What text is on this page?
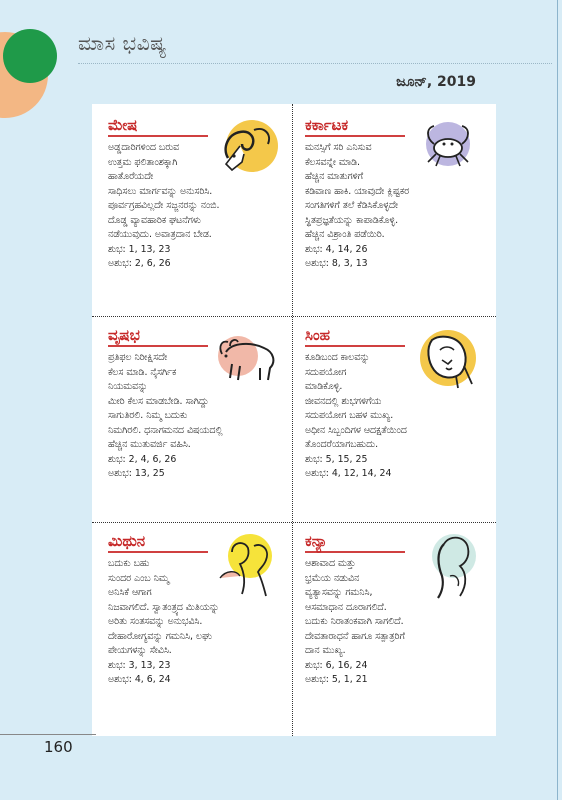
ಮಾಸ ಭವಿಷ್ಯ
ಜೂನ್, 2019
ಮೇಷ

ಅಡ್ಡದಾರಿಗಳಿಂದ ಬರುವ

ಉತ್ತಮ ಫಲಿತಾಂಶಕ್ಕಾಗಿ

ಹಾತೊರೆಯದೇ

ಸಾಧಿಸಲು ಮಾರ್ಗವನ್ನು ಅನುಸರಿಸಿ.

ಪೂರ್ವಗ್ರಹವಿಲ್ಲದೇ ಸಜ್ಜನರನ್ನು ನಂಬಿ.

ದೊಡ್ಡ ವ್ಯಾವಹಾರಿಕ ಘಟನೆಗಳು

ನಡೆಯುವುದು. ಅವಾತ್ರದಾನ ಬೇಡ.

ಶುಭ: 1, 13, 23
ಅಶುಭ: 2, 6, 26
ಕರ್ಕಾಟಕ

ಮನಸ್ಸಿಗೆ ಸರಿ ಎನಿಸುವ

ಕೆಲಸವನ್ನೇ ಮಾಡಿ.

ಹೆಚ್ಚಿನ ಮಾತುಗಳಿಗೆ

ಕಡಿವಾಣ ಹಾಕಿ. ಯಾವುದೇ ಕ್ಲಿಷ್ಟಕರ

ಸಂಗತಿಗಳಿಗೆ ತಲೆ ಕೆಡಿಸಿಕೊಳ್ಳದೇ

ಸ್ಥಿತಪ್ರಜ್ಞತೆಯನ್ನು ಕಾಪಾಡಿಕೊಳ್ಳಿ.

ಹೆಚ್ಚಿನ ವಿಶ್ರಾಂತಿ ಪಡೆಯಿರಿ.

ಶುಭ: 4, 14, 26
ಅಶುಭ: 8, 3, 13
ವೃಷಭ

ಪ್ರತಿಫಲ ನಿರೀಕ್ಷಿಸದೇ

ಕೆಲಸ ಮಾಡಿ. ನೈಸರ್ಗಿಕ

ನಿಯಮವನ್ನು

ಮೀರಿ ಕೆಲಸ ಮಾಡಬೇಡಿ. ಸಾಗಿದ್ದು

ಸಾಗುತಿರಲಿ. ನಿಮ್ಮ ಬದುಕು

ನಿಮಗಿರಲಿ. ಧನಾಗಮನದ ವಿಷಯದಲ್ಲಿ

ಹೆಚ್ಚಿನ ಮುತುವರ್ಜಿ ವಹಿಸಿ.

ಶುಭ: 2, 4, 6, 26
ಅಶುಭ: 13, 25
ಸಿಂಹ

ಕೂಡಿಬಂದ ಕಾಲವನ್ನು

ಸದುಪಯೋಗ

ಮಾಡಿಕೊಳ್ಳಿ.

ಜೀವನದಲ್ಲಿ ಶುಭಗಳಿಗೆಯ

ಸದುಪಯೋಗ ಬಹಳ ಮುಖ್ಯ.

ಅಧೀನ ಸಿಬ್ಬಂದಿಗಳ ಆದಕ್ಷತೆಯಿಂದ

ತೊಂದರೆಯಾಗಬಹುದು.

ಶುಭ: 5, 15, 25
ಅಶುಭ: 4, 12, 14, 24
ಮಿಥುನ

ಬದುಕು ಬಹು

ಸುಂದರ ಎಂಬ ನಿಮ್ಮ

ಅನಿಸಿಕೆ ಆಗಾಗ

ನಿಜವಾಗಲಿದೆ. ಸ್ವಾತಂತ್ರ್ಯದ ಮಿತಿಯನ್ನು

ಅರಿತು ಸಂತಸವನ್ನು ಅನುಭವಿಸಿ.

ದೇಹಾರೋಗ್ಯವನ್ನು ಗಮನಿಸಿ, ಲಘು

ಪೇಯಗಳನ್ನು ಸೇವಿಸಿ.

ಶುಭ: 3, 13, 23
ಅಶುಭ: 4, 6, 24
ಕನ್ಯಾ

ಆಶಾವಾದ ಮತ್ತು

ಭ್ರಮೆಯ ನಡುವಿನ

ವ್ಯತ್ಯಾಸವನ್ನು ಗಮನಿಸಿ,

ಆಸಮಾಧಾನ ದೂರಾಗಲಿದೆ.

ಬದುಕು ನಿರಾತಂಕವಾಗಿ ಸಾಗಲಿದೆ.

ದೇವತಾರಾಧನೆ ಹಾಗೂ ಸತ್ಪಾತ್ರರಿಗೆ

ದಾನ ಮುಖ್ಯ.

ಶುಭ: 6, 16, 24
ಅಶುಭ: 5, 1, 21
160
